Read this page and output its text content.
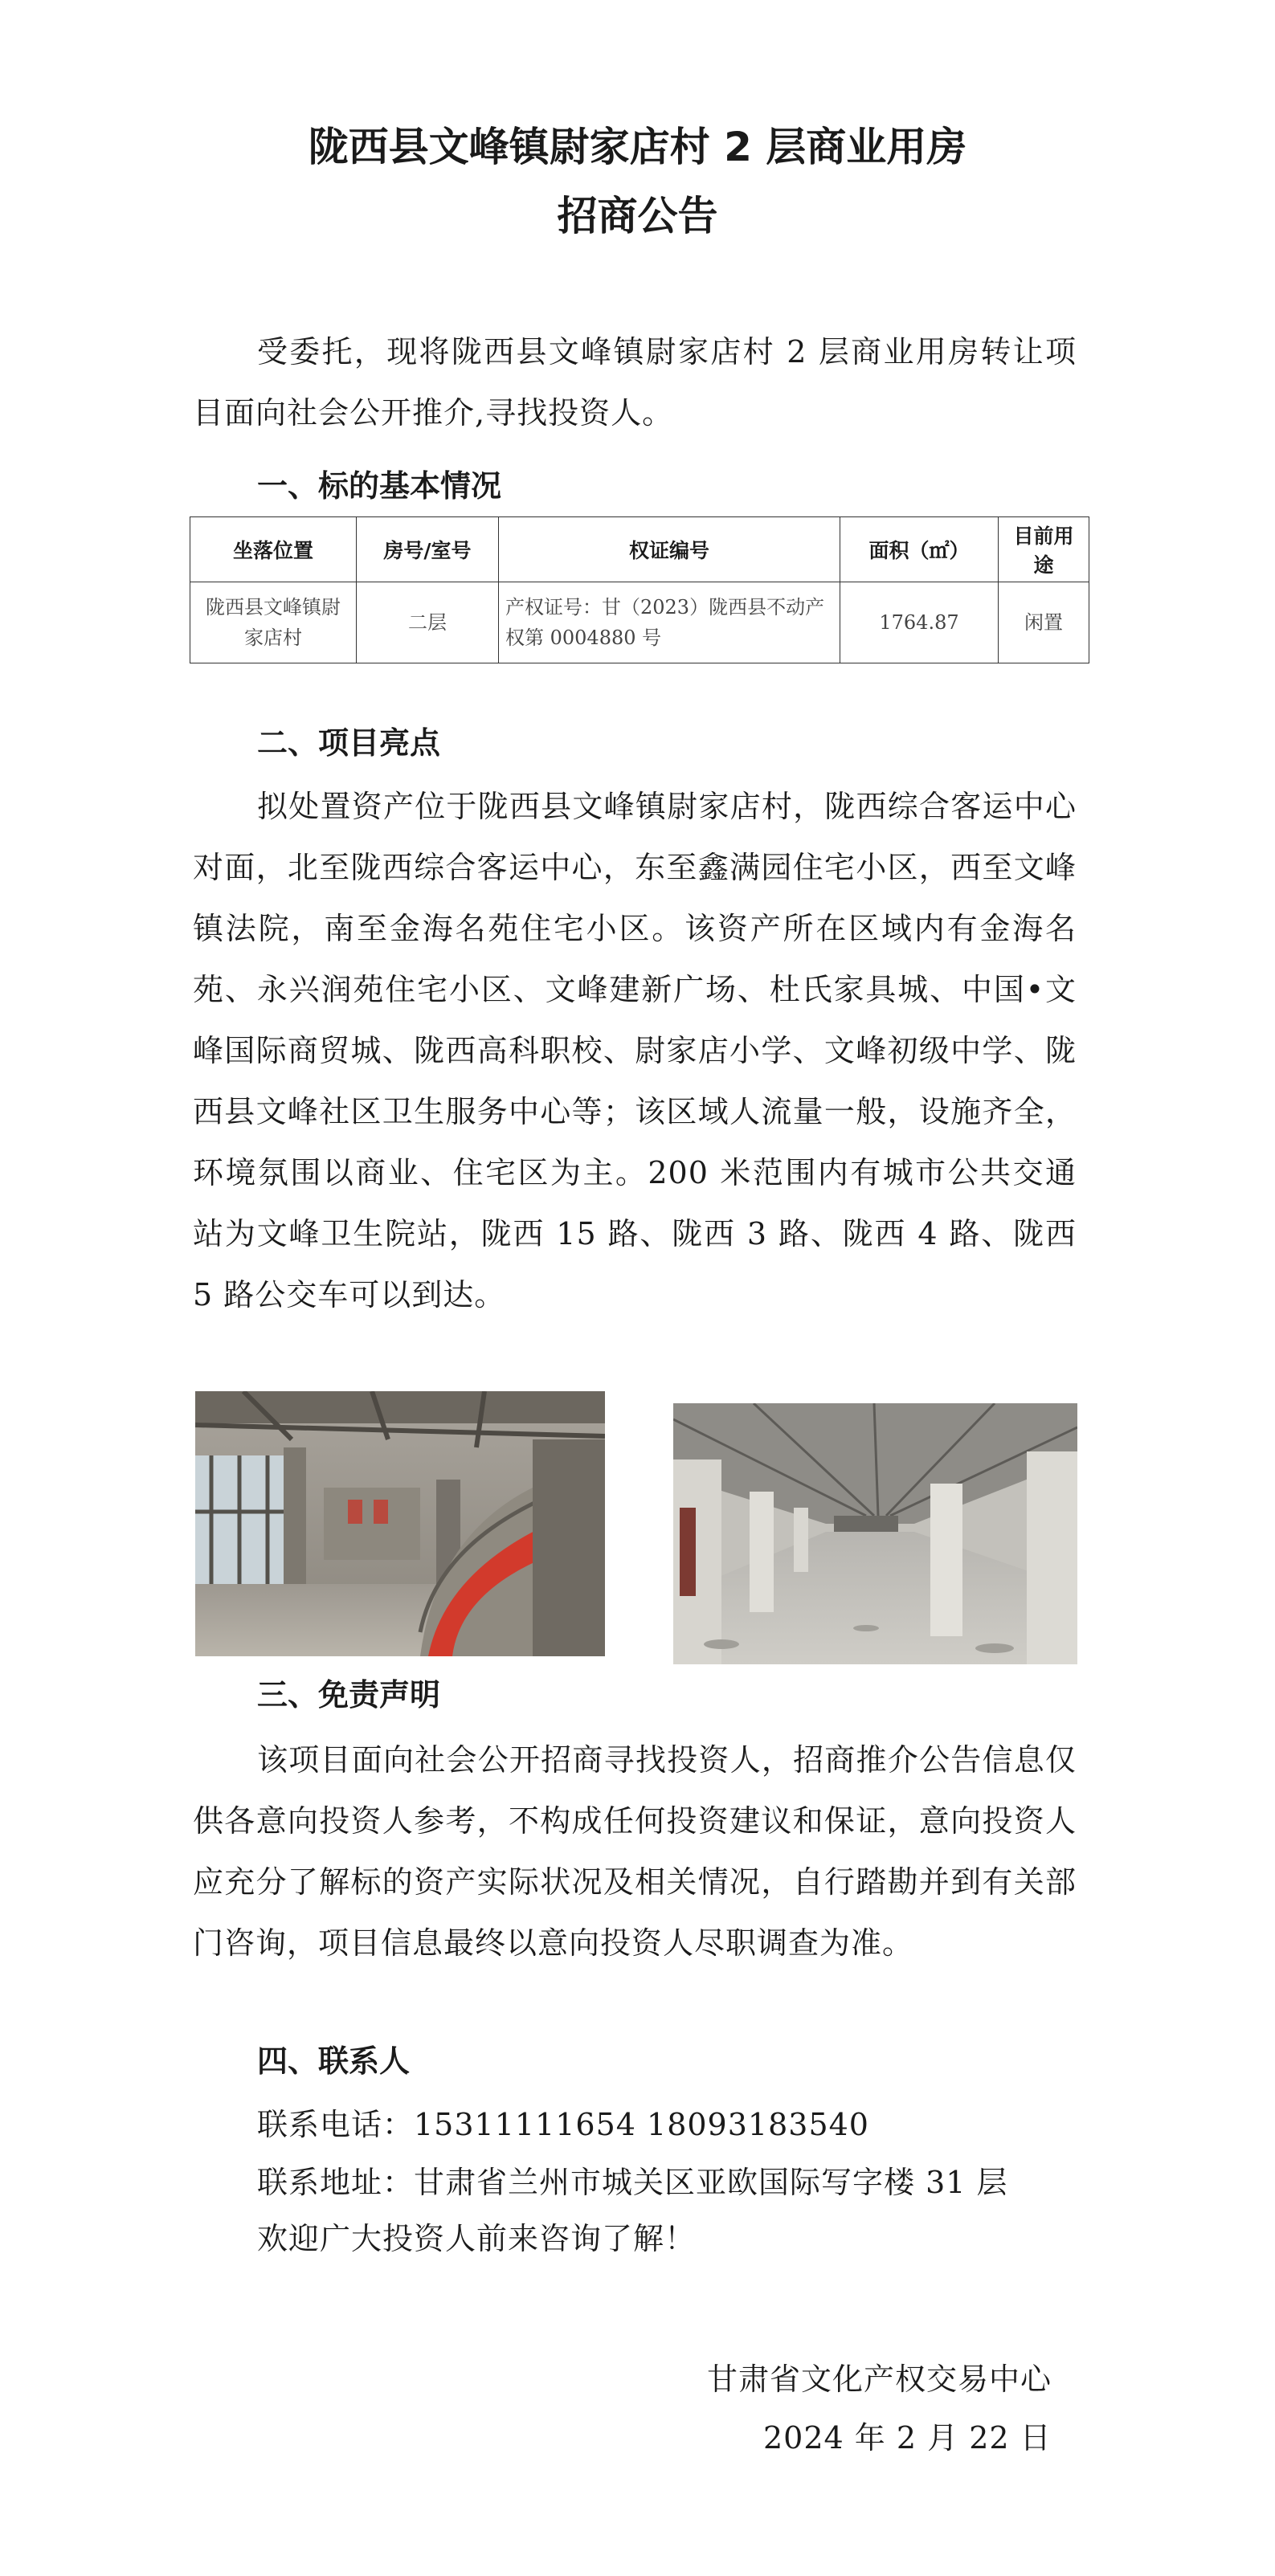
陇西县文峰镇尉家店村 2 层商业用房
招商公告
受委托，现将陇西县文峰镇尉家店村 2 层商业用房转让项目面向社会公开推介,寻找投资人。
一、标的基本情况
坐落位置	房号/室号	权证编号	面积（㎡）	目前用途
陇西县文峰镇尉家店村	二层	产权证号：甘（2023）陇西县不动产权第 0004880 号	1764.87	闲置
二、项目亮点
拟处置资产位于陇西县文峰镇尉家店村，陇西综合客运中心对面，北至陇西综合客运中心，东至鑫满园住宅小区，西至文峰镇法院，南至金海名苑住宅小区。该资产所在区域内有金海名苑、永兴润苑住宅小区、文峰建新广场、杜氏家具城、中国•文峰国际商贸城、陇西高科职校、尉家店小学、文峰初级中学、陇西县文峰社区卫生服务中心等；该区域人流量一般，设施齐全，环境氛围以商业、住宅区为主。200 米范围内有城市公共交通站为文峰卫生院站，陇西 15 路、陇西 3 路、陇西 4 路、陇西 5 路公交车可以到达。
三、免责声明
该项目面向社会公开招商寻找投资人，招商推介公告信息仅供各意向投资人参考，不构成任何投资建议和保证，意向投资人应充分了解标的资产实际状况及相关情况，自行踏勘并到有关部门咨询，项目信息最终以意向投资人尽职调查为准。
四、联系人
联系电话：15311111654 18093183540
联系地址：甘肃省兰州市城关区亚欧国际写字楼 31 层
欢迎广大投资人前来咨询了解！
甘肃省文化产权交易中心
2024 年 2 月 22 日
